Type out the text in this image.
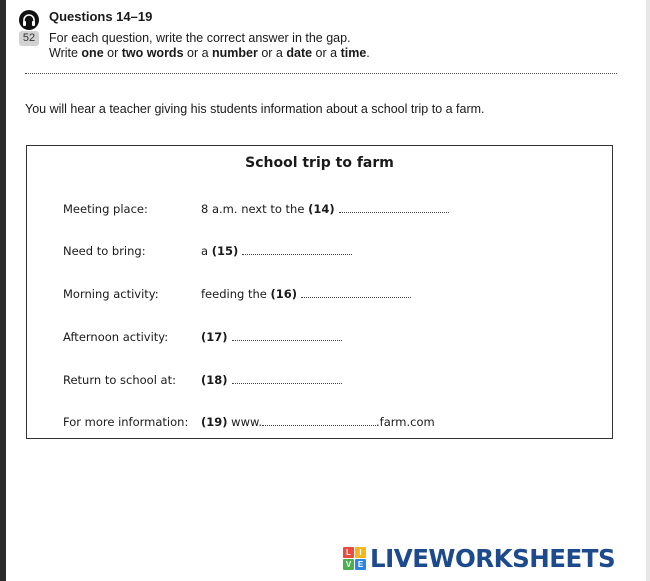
52
Questions 14–19
For each question, write the correct answer in the gap.
Write one or two words or a number or a date or a time.
You will hear a teacher giving his students information about a school trip to a farm.
School trip to farm
Meeting place:	8 a.m. next to the
(14)
Need to bring:	a
(15)
Morning activity:	feeding the
(16)
Afternoon activity:	(17)
Return to school at: (18)
For more information: (19)
www.	.farm.com
L	I
V E LIVEWORKSHEETS
